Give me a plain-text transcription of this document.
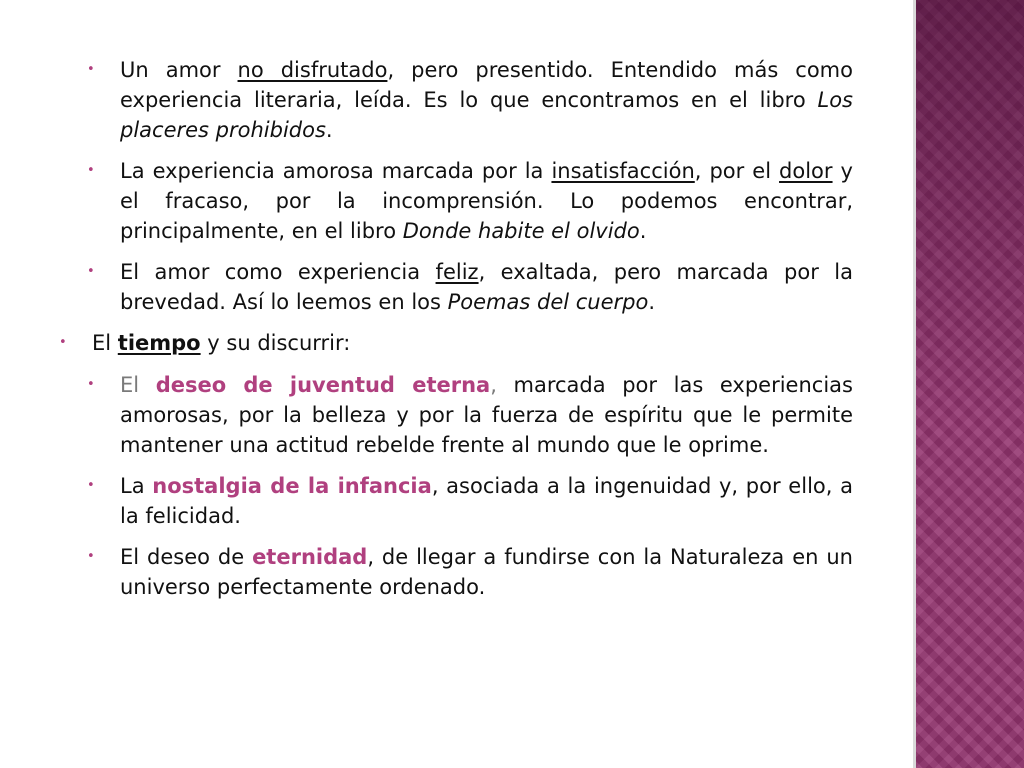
• Un amor no disfrutado, pero presentido. Entendido más como experiencia literaria, leída. Es lo que encontramos en el libro Los placeres prohibidos.
• La experiencia amorosa marcada por la insatisfacción, por el dolor y el fracaso, por la incomprensión. Lo podemos encontrar, principalmente, en el libro Donde habite el olvido.
• El amor como experiencia feliz, exaltada, pero marcada por la brevedad. Así lo leemos en los Poemas del cuerpo.
• El tiempo y su discurrir:
• El deseo de juventud eterna, marcada por las experiencias amorosas, por la belleza y por la fuerza de espíritu que le permite mantener una actitud rebelde frente al mundo que le oprime.
• La nostalgia de la infancia, asociada a la ingenuidad y, por ello, a la felicidad.
• El deseo de eternidad, de llegar a fundirse con la Naturaleza en un universo perfectamente ordenado.
